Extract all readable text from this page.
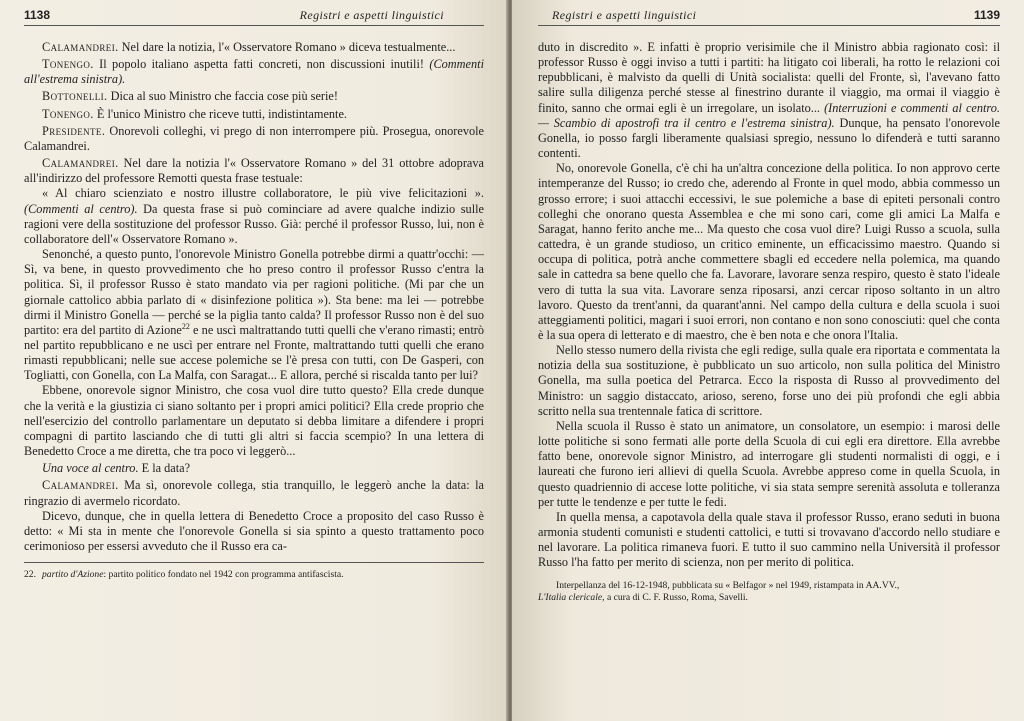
1138	Registri e aspetti linguistici

Calamandrei. Nel dare la notizia, l'« Osservatore Romano » diceva testualmente...

Tonengo. Il popolo italiano aspetta fatti concreti, non discussioni inutili! (Commenti all'estrema sinistra).

Bottonelli. Dica al suo Ministro che faccia cose più serie!

Tonengo. È l'unico Ministro che riceve tutti, indistintamente.

Presidente. Onorevoli colleghi, vi prego di non interrompere più. Prosegua, onorevole Calamandrei.

Calamandrei. Nel dare la notizia l'« Osservatore Romano » del 31 ottobre adoprava all'indirizzo del professore Remotti questa frase testuale:

« Al chiaro scienziato e nostro illustre collaboratore, le più vive felicitazioni ». (Commenti al centro). Da questa frase si può cominciare ad avere qualche indizio sulle ragioni vere della sostituzione del professor Russo. Già: perché il professor Russo, lui, non è collaboratore dell'« Osservatore Romano ».

Senonché, a questo punto, l'onorevole Ministro Gonella potrebbe dirmi a quattr'occhi: — Sì, va bene, in questo provvedimento che ho preso contro il professor Russo c'entra la politica. Sì, il professor Russo è stato mandato via per ragioni politiche. (Mi par che un giornale cattolico abbia parlato di « disinfezione politica »). Sta bene: ma lei — potrebbe dirmi il Ministro Gonella — perché se la piglia tanto calda? Il professor Russo non è del suo partito: era del partito di Azione$^{22}$ e ne uscì maltrattando tutti quelli che v'erano rimasti; entrò nel partito repubblicano e ne uscì per entrare nel Fronte, maltrattando tutti quelli che erano rimasti repubblicani; nelle sue accese polemiche se l'è presa con tutti, con De Gasperi, con Togliatti, con Gonella, con La Malfa, con Saragat... E allora, perché si riscalda tanto per lui?

Ebbene, onorevole signor Ministro, che cosa vuol dire tutto questo? Ella crede dunque che la verità e la giustizia ci siano soltanto per i propri amici politici? Ella crede proprio che nell'esercizio del controllo parlamentare un deputato si debba limitare a difendere i propri compagni di partito lasciando che di tutti gli altri si faccia scempio? In una lettera di Benedetto Croce a me diretta, che tra poco vi leggerò...

Una voce al centro. E la data?

Calamandrei. Ma sì, onorevole collega, stia tranquillo, le leggerò anche la data: la ringrazio di avermelo ricordato.

Dicevo, dunque, che in quella lettera di Benedetto Croce a proposito del caso Russo è detto: « Mi sta in mente che l'onorevole Gonella si sia spinto a questo trattamento poco cerimonioso per essersi avveduto che il Russo era ca-

22. partito d'Azione: partito politico fondato nel 1942 con programma antifascista.
Registri e aspetti linguistici	1139

duto in discredito ». E infatti è proprio verisimile che il Ministro abbia ragionato così: il professor Russo è oggi inviso a tutti i partiti: ha litigato coi liberali, ha rotto le relazioni coi repubblicani, è malvisto da quelli di Unità socialista: quelli del Fronte, sì, l'avevano fatto salire sulla diligenza perché stesse al finestrino durante il viaggio, ma ormai il viaggio è finito, sanno che ormai egli è un irregolare, un isolato... (Interruzioni e commenti al centro. — Scambio di apostrofi tra il centro e l'estrema sinistra). Dunque, ha pensato l'onorevole Gonella, io posso fargli liberamente qualsiasi spregio, nessuno lo difenderà e tutti saranno contenti.

No, onorevole Gonella, c'è chi ha un'altra concezione della politica. Io non approvo certe intemperanze del Russo; io credo che, aderendo al Fronte in quel modo, abbia commesso un grosso errore; i suoi attacchi eccessivi, le sue polemiche a base di epiteti personali contro colleghi che onorano questa Assemblea e che mi sono cari, come gli amici La Malfa e Saragat, hanno ferito anche me... Ma questo che cosa vuol dire? Luigi Russo a scuola, sulla cattedra, è un grande studioso, un critico eminente, un efficacissimo maestro. Quando si occupa di politica, potrà anche commettere sbagli ed eccedere nella polemica, ma quando sale in cattedra sa bene quello che fa. Lavorare, lavorare senza respiro, questo è stato l'ideale vero di tutta la sua vita. Lavorare senza riposarsi, anzi cercar riposo soltanto in un altro lavoro. Questo da trent'anni, da quarant'anni. Nel campo della cultura e della scuola i suoi atteggiamenti politici, magari i suoi errori, non contano e non sono conosciuti: quel che conta è la sua opera di letterato e di maestro, che è ben nota e che onora l'Italia.

Nello stesso numero della rivista che egli redige, sulla quale era riportata e commentata la notizia della sua sostituzione, è pubblicato un suo articolo, non sulla politica del Ministro Gonella, ma sulla poetica del Petrarca. Ecco la risposta di Russo al provvedimento del Ministro: un saggio distaccato, arioso, sereno, forse uno dei più profondi che egli abbia scritto nella sua trentennale fatica di scrittore.

Nella scuola il Russo è stato un animatore, un consolatore, un esempio: i marosi delle lotte politiche si sono fermati alle porte della Scuola di cui egli era direttore. Ella avrebbe fatto bene, onorevole signor Ministro, ad interrogare gli studenti normalisti di oggi, e i laureati che furono ieri allievi di quella Scuola. Avrebbe appreso come in quella Scuola, in questo quadriennio di accese lotte politiche, vi sia stata sempre serenità assoluta e tolleranza per tutte le tendenze e per tutte le fedi.

In quella mensa, a capotavola della quale stava il professor Russo, erano seduti in buona armonia studenti comunisti e studenti cattolici, e tutti si trovavano d'accordo nello studiare e nel lavorare. La politica rimaneva fuori. E tutto il suo cammino nella Università il professor Russo l'ha fatto per merito di scienza, non per merito di politica.

Interpellanza del 16-12-1948, pubblicata su « Belfagor » nel 1949, ristampata in AA.VV.,

L'Italia clericale, a cura di C. F. Russo, Roma, Savelli.
